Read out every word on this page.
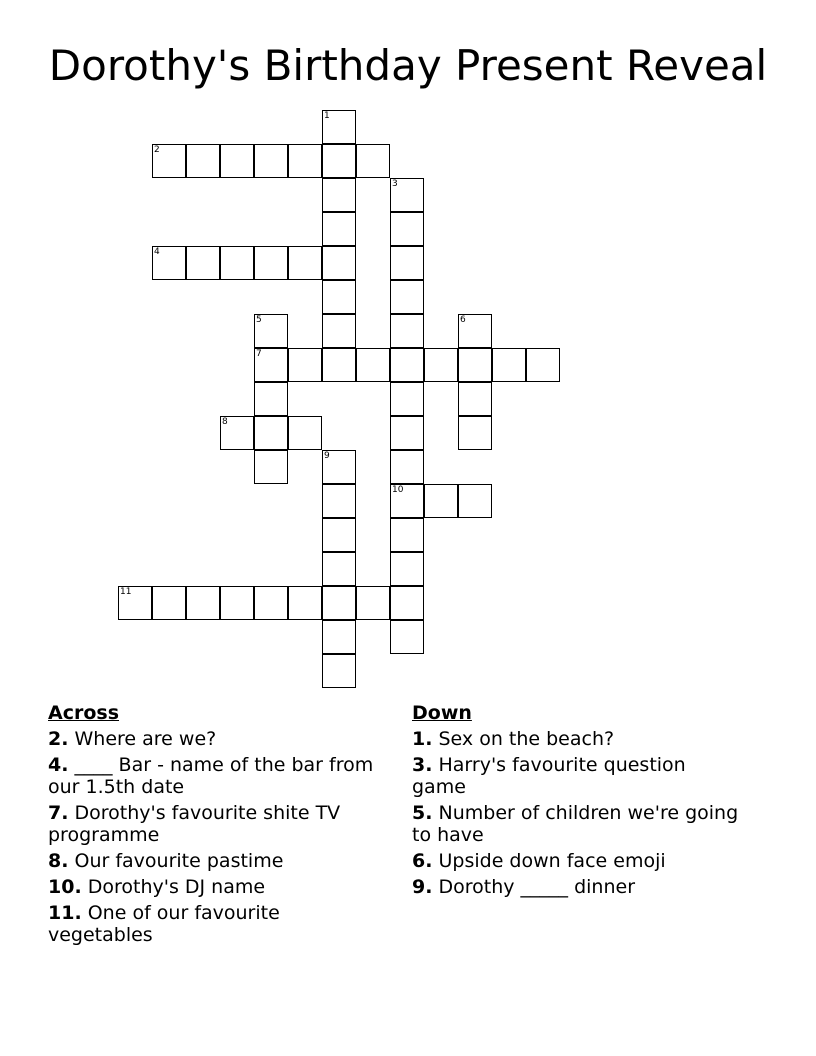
Dorothy's Birthday Present Reveal
1
2
3
4
5	6
7
8
9
10
11
Across
2. Where are we?
4. ____ Bar - name of the bar from our 1.5th date
7. Dorothy's favourite shite TV programme
8. Our favourite pastime
10. Dorothy's DJ name
11. One of our favourite vegetables
Down
1. Sex on the beach?
3. Harry's favourite question game
5. Number of children we're going to have
6. Upside down face emoji
9. Dorothy _____ dinner
